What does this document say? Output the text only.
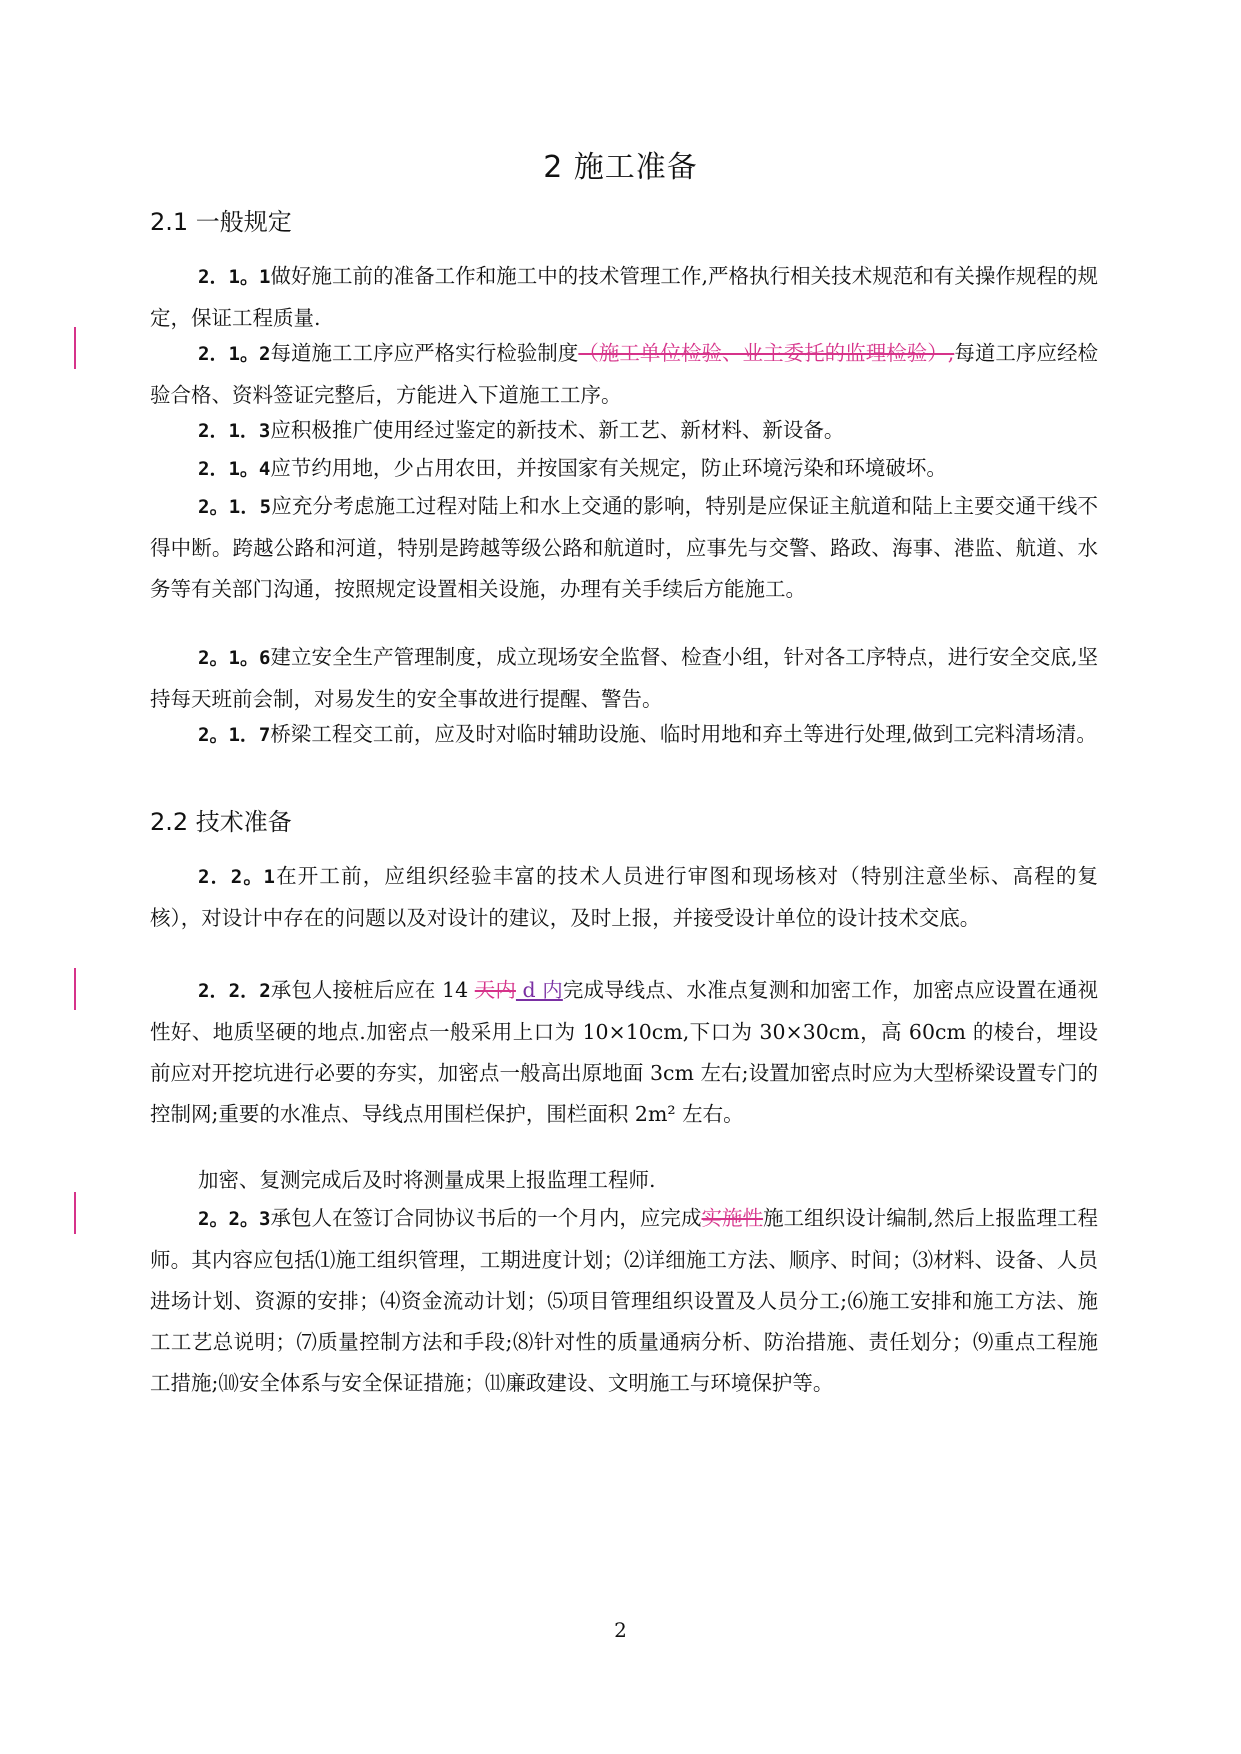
2 施工准备
2.1 一般规定
2．1。1做好施工前的准备工作和施工中的技术管理工作,严格执行相关技术规范和有关操作规程的规定，保证工程质量.
2．1。2每道施工工序应严格实行检验制度（施工单位检验、业主委托的监理检验）,每道工序应经检验合格、资料签证完整后，方能进入下道施工工序。
2．1．3应积极推广使用经过鉴定的新技术、新工艺、新材料、新设备。
2．1。4应节约用地，少占用农田，并按国家有关规定，防止环境污染和环境破坏。
2。1．5应充分考虑施工过程对陆上和水上交通的影响，特别是应保证主航道和陆上主要交通干线不得中断。跨越公路和河道，特别是跨越等级公路和航道时，应事先与交警、路政、海事、港监、航道、水务等有关部门沟通，按照规定设置相关设施，办理有关手续后方能施工。
2。1。6建立安全生产管理制度，成立现场安全监督、检查小组，针对各工序特点，进行安全交底,坚持每天班前会制，对易发生的安全事故进行提醒、警告。
2。1．7桥梁工程交工前，应及时对临时辅助设施、临时用地和弃土等进行处理,做到工完料清场清。
2.2 技术准备
2．2。1在开工前，应组织经验丰富的技术人员进行审图和现场核对（特别注意坐标、高程的复核），对设计中存在的问题以及对设计的建议，及时上报，并接受设计单位的设计技术交底。
2．2．2承包人接桩后应在 14 天内 d 内完成导线点、水准点复测和加密工作，加密点应设置在通视性好、地质坚硬的地点.加密点一般采用上口为 10×10cm,下口为 30×30cm，高 60cm 的棱台，埋设前应对开挖坑进行必要的夯实，加密点一般高出原地面 3cm 左右;设置加密点时应为大型桥梁设置专门的控制网;重要的水准点、导线点用围栏保护，围栏面积 2m² 左右。
加密、复测完成后及时将测量成果上报监理工程师.
2。2。3承包人在签订合同协议书后的一个月内，应完成实施性施工组织设计编制,然后上报监理工程师。其内容应包括⑴施工组织管理，工期进度计划；⑵详细施工方法、顺序、时间；⑶材料、设备、人员进场计划、资源的安排；⑷资金流动计划；⑸项目管理组织设置及人员分工;⑹施工安排和施工方法、施工工艺总说明；⑺质量控制方法和手段;⑻针对性的质量通病分析、防治措施、责任划分；⑼重点工程施工措施;⑽安全体系与安全保证措施；⑾廉政建设、文明施工与环境保护等。
2
